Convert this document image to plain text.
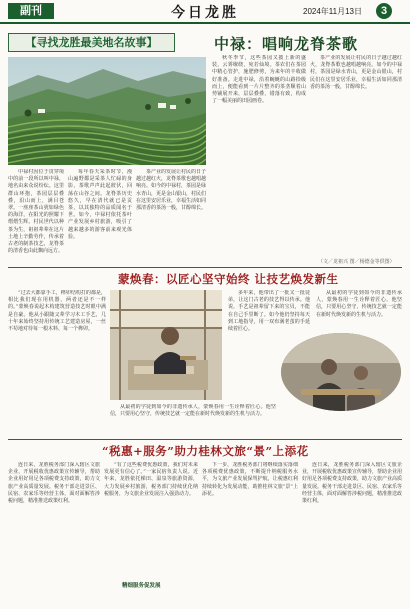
副刊	今日龙胜	2024年11月13日	3
【寻找龙胜最美地名故事】	中禄：唱响龙脊茶歌

中禄村因位于贯穿境中的前一段所以叫中禄，地名由来众说纷纭。这里群山环抱，茶园层层叠叠，沿山而上，满目苍翠。一座座茶山犹如绿色的海洋，在阳光的照耀下熠熠生辉。村民世代以种茶为生，祖祖辈辈在这片土地上辛勤劳作，传承着古老的制茶技艺，龙脊茶的清香也由此飘向远方。

每年春天采茶时节，漫山遍野都是采茶人忙碌的身影，茶歌声声此起彼伏，回荡在山谷之间。龙脊茶历史悠久，早在清代就已是贡茶，以其独特的品质闻名于世。如今，中禄村依托茶叶产业发展乡村旅游，吸引了越来越多的游客前来观光体验。

茶产业的发展让村民的日子越过越红火，龙脊茶歌也越唱越响亮。如今的中禄村，茶园是绿水青山，更是金山银山，村民们在这里安居乐业，幸福生活如同那清香的茶汤一般，甘醇绵长。

秋冬季节，这些茶园又披上新的盛装，云雾缭绕，宛若仙境。茶农们在茶园中精心管护，施肥修剪，为来年的丰收做好准备。走进中禄，沿着蜿蜒的山路拾级而上，便能看到一片片整齐的茶垄顺着山势铺展开来，层层叠叠，错落有致，构成了一幅美丽的田园画卷。

茶产业的发展让村民的日子越过越红火，龙脊茶歌也越唱越响亮。如今的中禄村，茶园是绿水青山，更是金山银山，村民们在这里安居乐业，幸福生活如同那清香的茶汤一般，甘醇绵长。

（文／龙祖兴 图／杨德金等供图）
蒙焕春：以匠心坚守始终 让技艺焕发新生

“过去大都靠手工，榫卯结构打的都是，相比我们现在用机器，两者还是不一样的。”蒙焕春说起木构建筑营造技艺时眼中满是自豪。他从小跟随父辈学习木工手艺，几十年来始终坚持用传统工艺建造房屋，一丝不苟地对待每一根木料、每一个榫卯。

多年来，他带出了一批又一批徒弟，让这门古老的技艺得以传承。他说，手艺是祖辈留下来的宝贝，不能在自己手里断了。如今他仍坚持每天到工地指导，用一双布满老茧的手延续着匠心。

从最初的学徒到如今的非遗传承人，蒙焕春用一生诠释着匠心。他坚信，只要用心坚守，传统技艺就一定能在新时代焕发新的生机与活力。

从最初的学徒到如今的非遗传承人，蒙焕春用一生诠释着匠心。他坚信，只要用心坚守，传统技艺就一定能在新时代焕发新的生机与活力。

“税惠+服务”助力桂林文旅“景”上添花

连日来，龙胜税务部门深入辖区文旅企业，开展税收优惠政策宣传辅导，帮助企业用好用足各项税费支持政策，助力文旅产业高质量发展。税务干部走进景区、民宿、农家乐等经营主体，面对面解答涉税问题，精准推送政策红利。

“有了这些税费优惠政策，我们对未来发展更有信心了。”一家民宿负责人说。近年来，龙胜依托梯田、温泉等旅游资源，大力发展乡村旅游，税务部门持续优化纳税服务，为文旅企业发展注入强劲动力。

精细服务促发展

下一步，龙胜税务部门将继续落实落细各项税费优惠政策，不断提升纳税服务水平，为文旅产业发展保驾护航，让税惠红利持续转化为发展动能，助推桂林文旅“景”上添花。

连日来，龙胜税务部门深入辖区文旅企业，开展税收优惠政策宣传辅导，帮助企业用好用足各项税费支持政策，助力文旅产业高质量发展。税务干部走进景区、民宿、农家乐等经营主体，面对面解答涉税问题，精准推送政策红利。
